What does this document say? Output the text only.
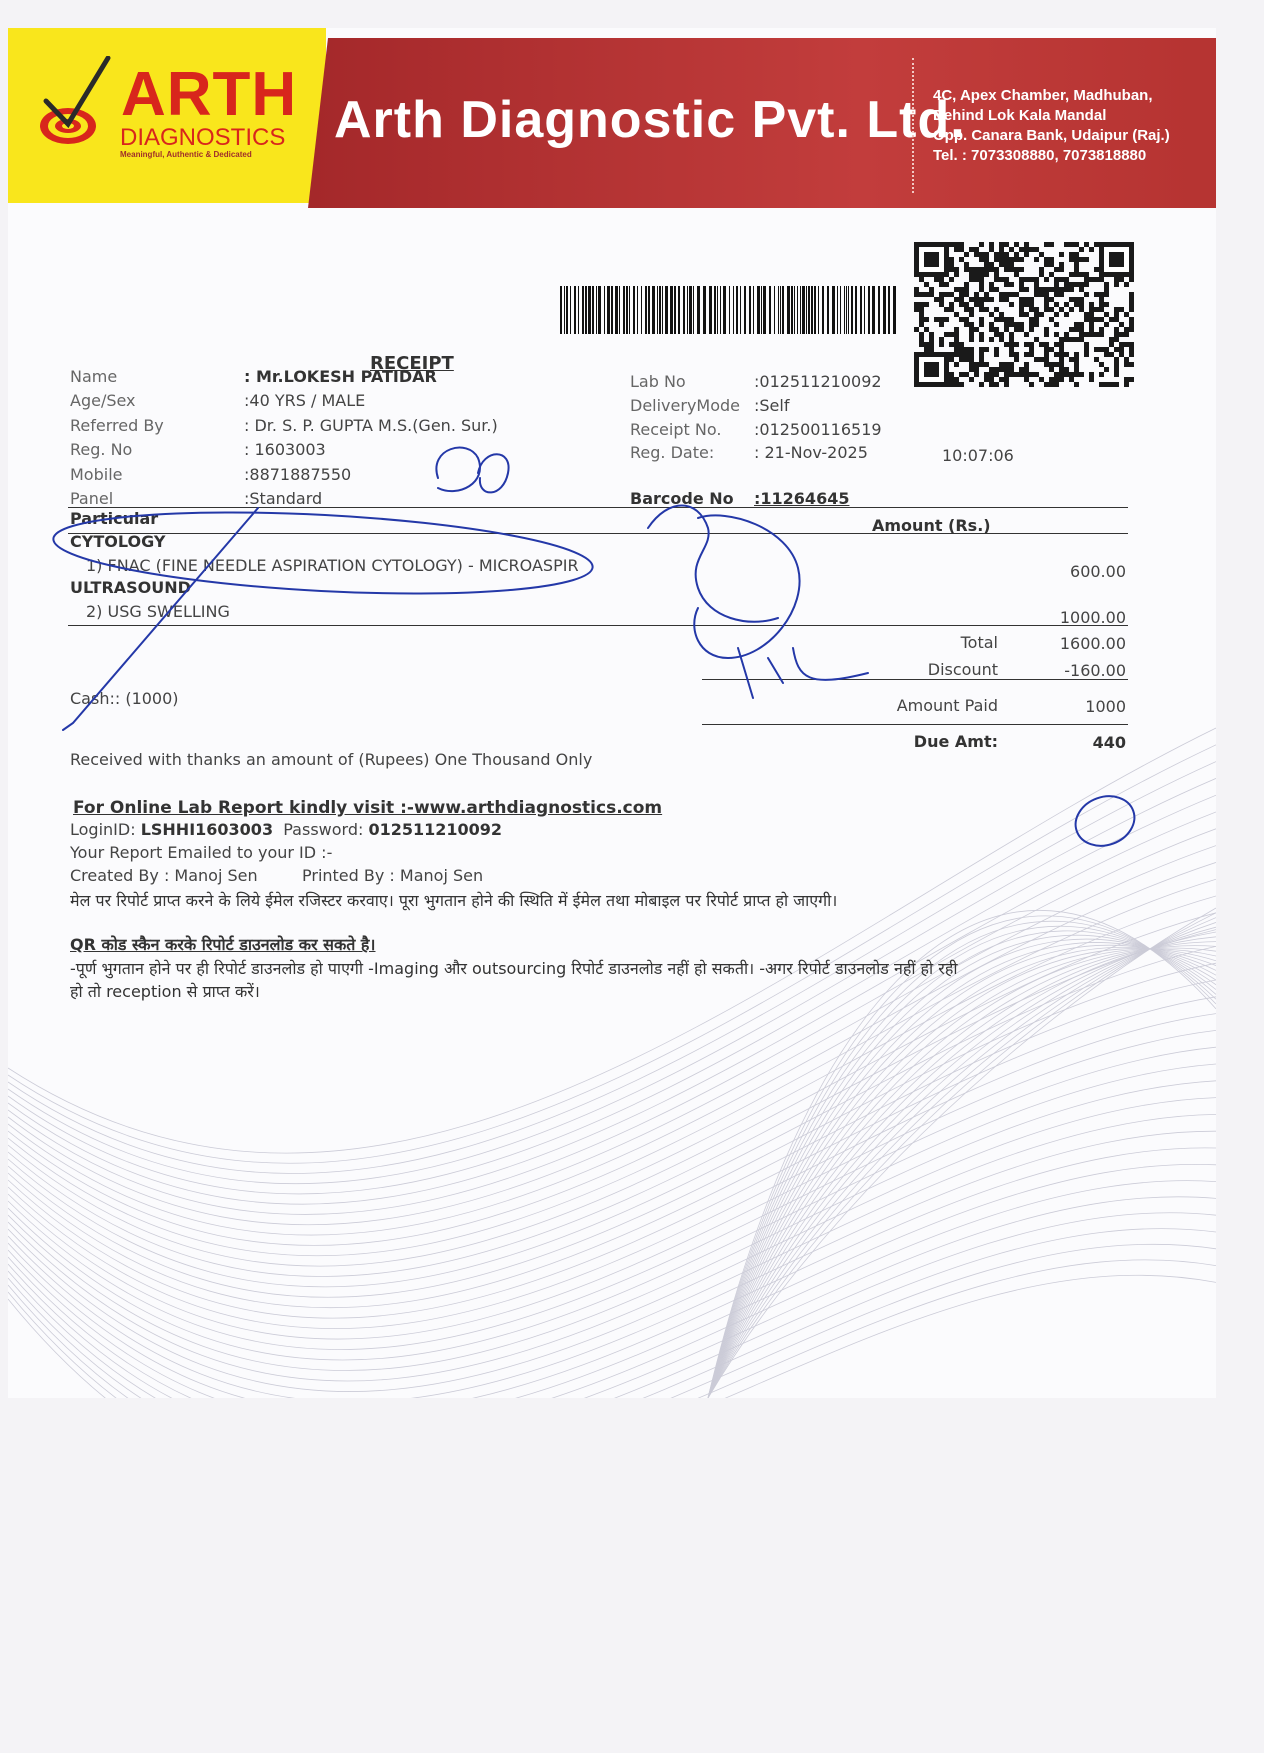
ARTH
DIAGNOSTICS
Meaningful, Authentic & Dedicated
Arth Diagnostic Pvt. Ltd.
4C, Apex Chamber, Madhuban,
Behind Lok Kala Mandal
Opp. Canara Bank, Udaipur (Raj.)
Tel. : 7073308880, 7073818880
RECEIPT
Name	: Mr.LOKESH PATIDAR
Age/Sex	:40 YRS / MALE
Referred By	: Dr. S. P. GUPTA M.S.(Gen. Sur.)
Reg. No	: 1603003
Mobile	:8871887550
Panel	:Standard
Lab No	:012511210092
DeliveryMode :Self
Receipt No. :012500116519
Reg. Date: : 21-Nov-2025	10:07:06
Barcode No :11264645
Particular	Amount (Rs.)
CYTOLOGY
1) FNAC (FINE NEEDLE ASPIRATION CYTOLOGY) - MICROASPIR	600.00
ULTRASOUND
2) USG SWELLING	1000.00
Total	1600.00
Discount	-160.00
Cash:: (1000)	Amount Paid	1000
Due Amt:	440
Received with thanks an amount of (Rupees) One Thousand Only
For Online Lab Report kindly visit :-www.arthdiagnostics.com
LoginID: LSHHI1603003 Password: 012511210092
Your Report Emailed to your ID :-
Created By : Manoj Sen	Printed By : Manoj Sen
मेल पर रिपोर्ट प्राप्त करने के लिये ईमेल रजिस्टर करवाए। पूरा भुगतान होने की स्थिति में ईमेल तथा मोबाइल पर रिपोर्ट प्राप्त हो जाएगी।
QR कोड स्कैन करके रिपोर्ट डाउनलोड कर सकते है।
-पूर्ण भुगतान होने पर ही रिपोर्ट डाउनलोड हो पाएगी -Imaging और outsourcing रिपोर्ट डाउनलोड नहीं हो सकती। -अगर रिपोर्ट डाउनलोड नहीं हो रही
हो तो reception से प्राप्त करें।
